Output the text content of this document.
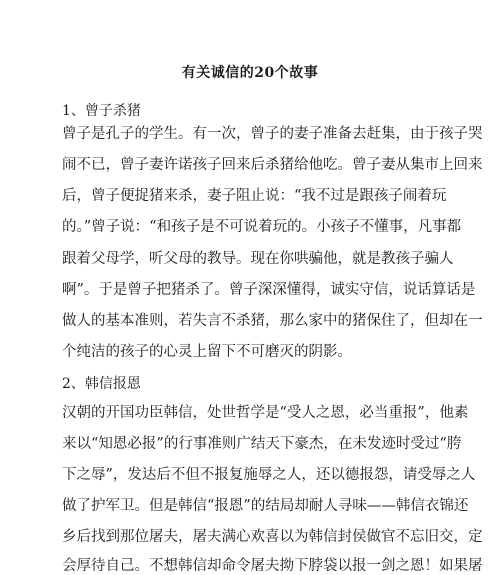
有关诚信的20个故事
1、曾子杀猪

曾子是孔子的学生。有一次，曾子的妻子准备去赶集，由于孩子哭

闹不已，曾子妻许诺孩子回来后杀猪给他吃。曾子妻从集市上回来

后，曾子便捉猪来杀，妻子阻止说：“我不过是跟孩子闹着玩

的。”曾子说：“和孩子是不可说着玩的。小孩子不懂事，凡事都

跟着父母学，听父母的教导。现在你哄骗他，就是教孩子骗人

啊”。于是曾子把猪杀了。曾子深深懂得，诚实守信，说话算话是

做人的基本准则，若失言不杀猪，那么家中的猪保住了，但却在一

个纯洁的孩子的心灵上留下不可磨灭的阴影。

2、韩信报恩

汉朝的开国功臣韩信，处世哲学是“受人之恩，必当重报”，他素

来以“知恩必报”的行事准则广结天下豪杰，在未发迹时受过“胯

下之辱”，发达后不但不报复施辱之人，还以德报怨，请受辱之人

做了护军卫。但是韩信“报恩”的结局却耐人寻味——韩信衣锦还

乡后找到那位屠夫，屠夫满心欢喜以为韩信封侯做官不忘旧交，定

会厚待自己。不想韩信却命令屠夫拗下脖袋以报一剑之恩！如果屠
